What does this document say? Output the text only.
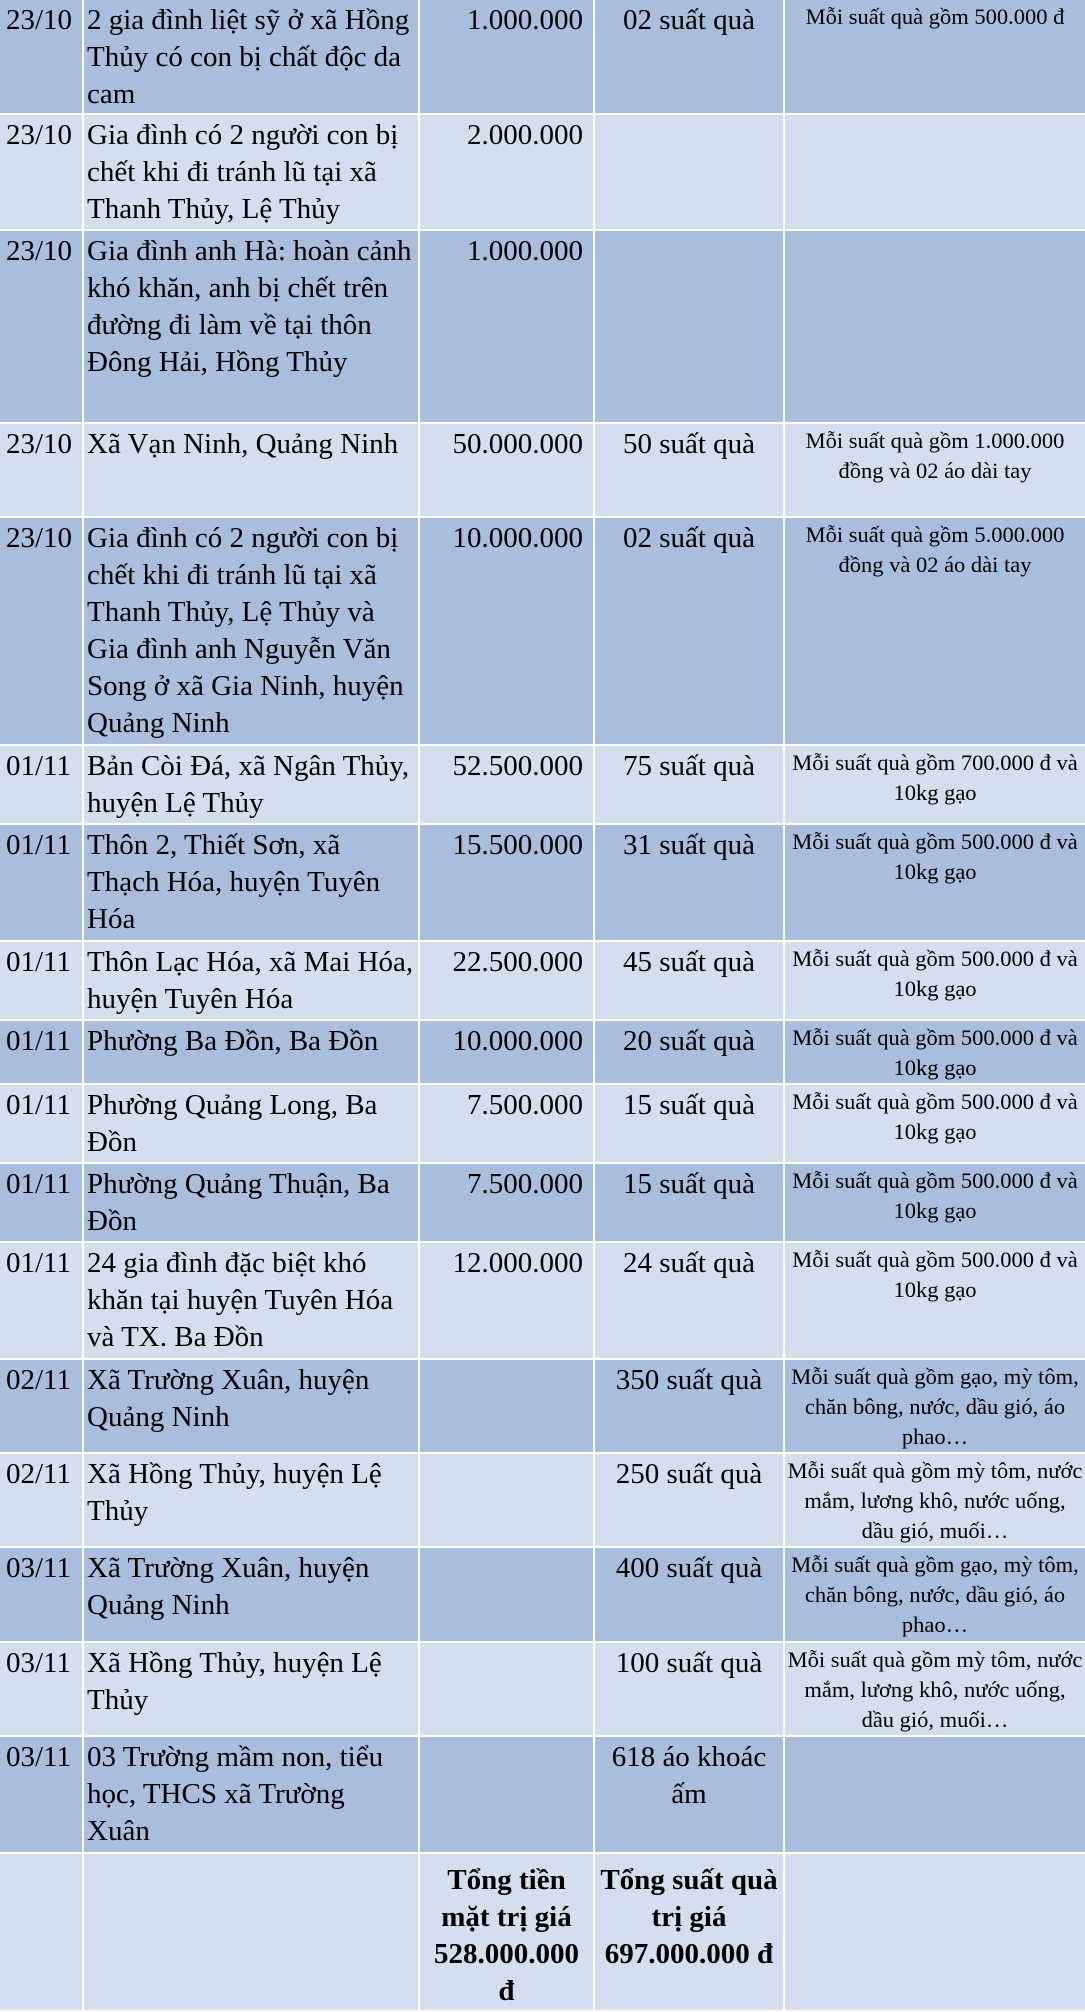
23/10	2 gia đình liệt sỹ ở xã Hồng Thủy có con bị chất độc da cam	1.000.000	02 suất quà	Mỗi suất quà gồm 500.000 đ
23/10	Gia đình có 2 người con bị chết khi đi tránh lũ tại xã Thanh Thủy, Lệ Thủy	2.000.000		
23/10	Gia đình anh Hà: hoàn cảnh khó khăn, anh bị chết trên đường đi làm về tại thôn Đông Hải, Hồng Thủy	1.000.000		
23/10	Xã Vạn Ninh, Quảng Ninh	50.000.000	50 suất quà	Mỗi suất quà gồm 1.000.000 đồng và 02 áo dài tay
23/10	Gia đình có 2 người con bị chết khi đi tránh lũ tại xã Thanh Thủy, Lệ Thủy và Gia đình anh Nguyễn Văn Song ở xã Gia Ninh, huyện Quảng Ninh	10.000.000	02 suất quà	Mỗi suất quà gồm 5.000.000 đồng và 02 áo dài tay
01/11	Bản Còi Đá, xã Ngân Thủy, huyện Lệ Thủy	52.500.000	75 suất quà	Mỗi suất quà gồm 700.000 đ và 10kg gạo
01/11	Thôn 2, Thiết Sơn, xã Thạch Hóa, huyện Tuyên Hóa	15.500.000	31 suất quà	Mỗi suất quà gồm 500.000 đ và 10kg gạo
01/11	Thôn Lạc Hóa, xã Mai Hóa, huyện Tuyên Hóa	22.500.000	45 suất quà	Mỗi suất quà gồm 500.000 đ và 10kg gạo
01/11	Phường Ba Đồn, Ba Đồn	10.000.000	20 suất quà	Mỗi suất quà gồm 500.000 đ và 10kg gạo
01/11	Phường Quảng Long, Ba Đồn	7.500.000	15 suất quà	Mỗi suất quà gồm 500.000 đ và 10kg gạo
01/11	Phường Quảng Thuận, Ba Đồn	7.500.000	15 suất quà	Mỗi suất quà gồm 500.000 đ và 10kg gạo
01/11	24 gia đình đặc biệt khó khăn tại huyện Tuyên Hóa và TX. Ba Đồn	12.000.000	24 suất quà	Mỗi suất quà gồm 500.000 đ và 10kg gạo
02/11	Xã Trường Xuân, huyện Quảng Ninh		350 suất quà	Mỗi suất quà gồm gạo, mỳ tôm, chăn bông, nước, dầu gió, áo phao…
02/11	Xã Hồng Thủy, huyện Lệ Thủy		250 suất quà	Mỗi suất quà gồm mỳ tôm, nước mắm, lương khô, nước uống, dầu gió, muối…
03/11	Xã Trường Xuân, huyện Quảng Ninh		400 suất quà	Mỗi suất quà gồm gạo, mỳ tôm, chăn bông, nước, dầu gió, áo phao…
03/11	Xã Hồng Thủy, huyện Lệ Thủy		100 suất quà	Mỗi suất quà gồm mỳ tôm, nước mắm, lương khô, nước uống, dầu gió, muối…
03/11	03 Trường mầm non, tiểu học, THCS xã Trường Xuân		618 áo khoác ấm	
		Tổng tiền mặt trị giá 528.000.000 đ	Tổng suất quà trị giá 697.000.000 đ	
